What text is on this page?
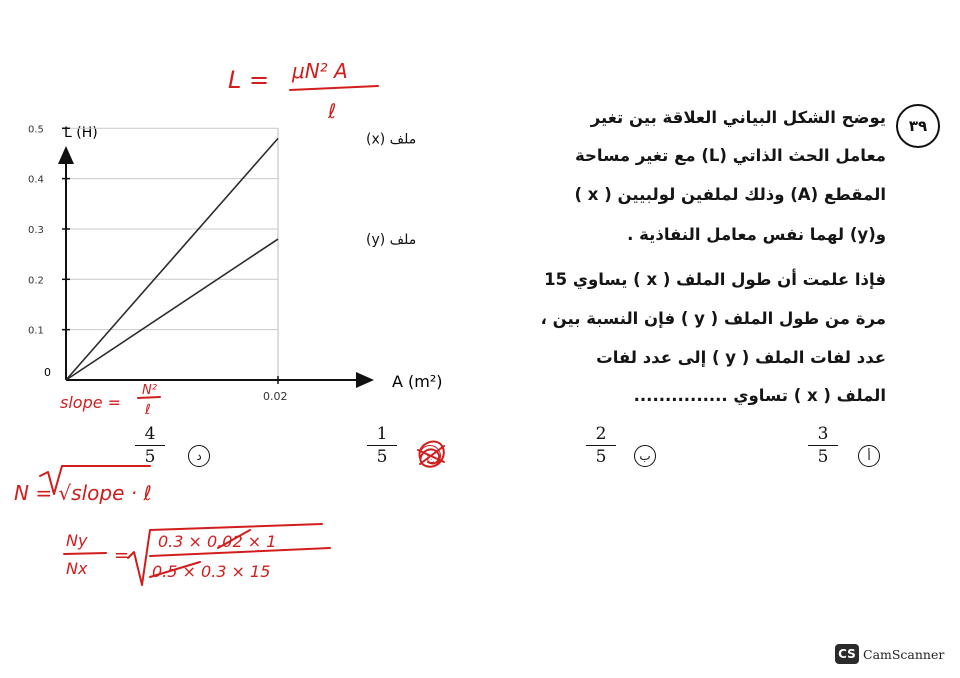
٣٩
يوضح الشكل البياني العلاقة بين تغير
معامل الحث الذاتي (L) مع تغير مساحة
المقطع (A) وذلك لملفين لولبيين ( x )
و(y) لهما نفس معامل النفاذية .
فإذا علمت أن طول الملف ( x ) يساوي 15
مرة من طول الملف ( y ) فإن النسبة بين ،
عدد لفات الملف ( y ) إلى عدد لفات
الملف ( x ) تساوي ...............
$\frac{3}{5}$	أ
$\frac{2}{5}$	ب
$\frac{1}{5}$	ج
$\frac{4}{5}$	د
L (H)
A (m²)
0
0.5
0.4
0.3
0.2
0.1
0.02
ملف (x)
ملف (y)
L = μN² A
ℓ
slope =
N²
ℓ
N = √slope · ℓ
Ny
Nx
=
0.3 × 0.02 × 1
0.5 × 0.3 × 15
CS CamScanner
